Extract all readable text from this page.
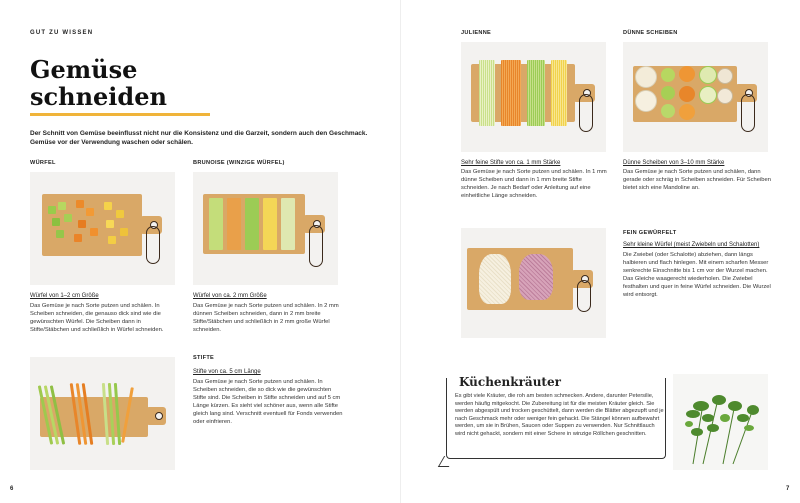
GUT ZU WISSEN
Gemüse
schneiden
Der Schnitt von Gemüse beeinflusst nicht nur die Konsistenz und die Garzeit, sondern auch den Geschmack. Gemüse vor der Verwendung waschen oder schälen.
WÜRFEL
Würfel von 1–2 cm Größe
Das Gemüse je nach Sorte putzen und schälen. In Scheiben schneiden, die genauso dick sind wie die gewünschten Würfel. Die Scheiben dann in Stifte/Stäbchen und schließlich in Würfel schneiden.
BRUNOISE (WINZIGE WÜRFEL)
Würfel von ca. 2 mm Größe
Das Gemüse je nach Sorte putzen und schälen. In 2 mm dünnen Scheiben schneiden, dann in 2 mm breite Stifte/Stäbchen und schließlich in 2 mm große Würfel schneiden.
STIFTE
Stifte von ca. 5 cm Länge
Das Gemüse je nach Sorte putzen und schälen. In Scheiben schneiden, die so dick wie die gewünschten Stifte sind. Die Scheiben in Stifte schneiden und auf 5 cm Länge kürzen. Es sieht viel schöner aus, wenn alle Stifte gleich lang sind. Verschnitt eventuell für Fonds verwenden oder einfrieren.
6
JULIENNE
Sehr feine Stifte von ca. 1 mm Stärke
Das Gemüse je nach Sorte putzen und schälen. In 1 mm dünne Scheiben und dann in 1 mm breite Stifte schneiden. Je nach Bedarf oder Anleitung auf eine einheitliche Länge schneiden.
DÜNNE SCHEIBEN
Dünne Scheiben von 3–10 mm Stärke
Das Gemüse je nach Sorte putzen und schälen, dann gerade oder schräg in Scheiben schneiden. Für Scheiben bietet sich eine Mandoline an.
FEIN GEWÜRFELT
Sehr kleine Würfel (meist Zwiebeln und Schalotten)
Die Zwiebel (oder Schalotte) abziehen, dann längs halbieren und flach hinlegen. Mit einem scharfen Messer senkrechte Einschnitte bis 1 cm vor der Wurzel machen. Das Gleiche waagerecht wiederholen. Die Zwiebel festhalten und quer in feine Würfel schneiden. Die Wurzel wird entsorgt.
Küchenkräuter
Es gibt viele Kräuter, die roh am besten schmecken. Andere, darunter Petersilie, werden häufig mitgekocht. Die Zubereitung ist für die meisten Kräuter gleich. Sie werden abgespült und trocken geschüttelt, dann werden die Blätter abgezupft und je nach Geschmack mehr oder weniger fein gehackt. Die Stängel können aufbewahrt werden, um sie in Brühen, Saucen oder Suppen zu verwenden. Nur Schnittlauch wird nicht gehackt, sondern mit einer Schere in winzige Röllchen geschnitten.
7
